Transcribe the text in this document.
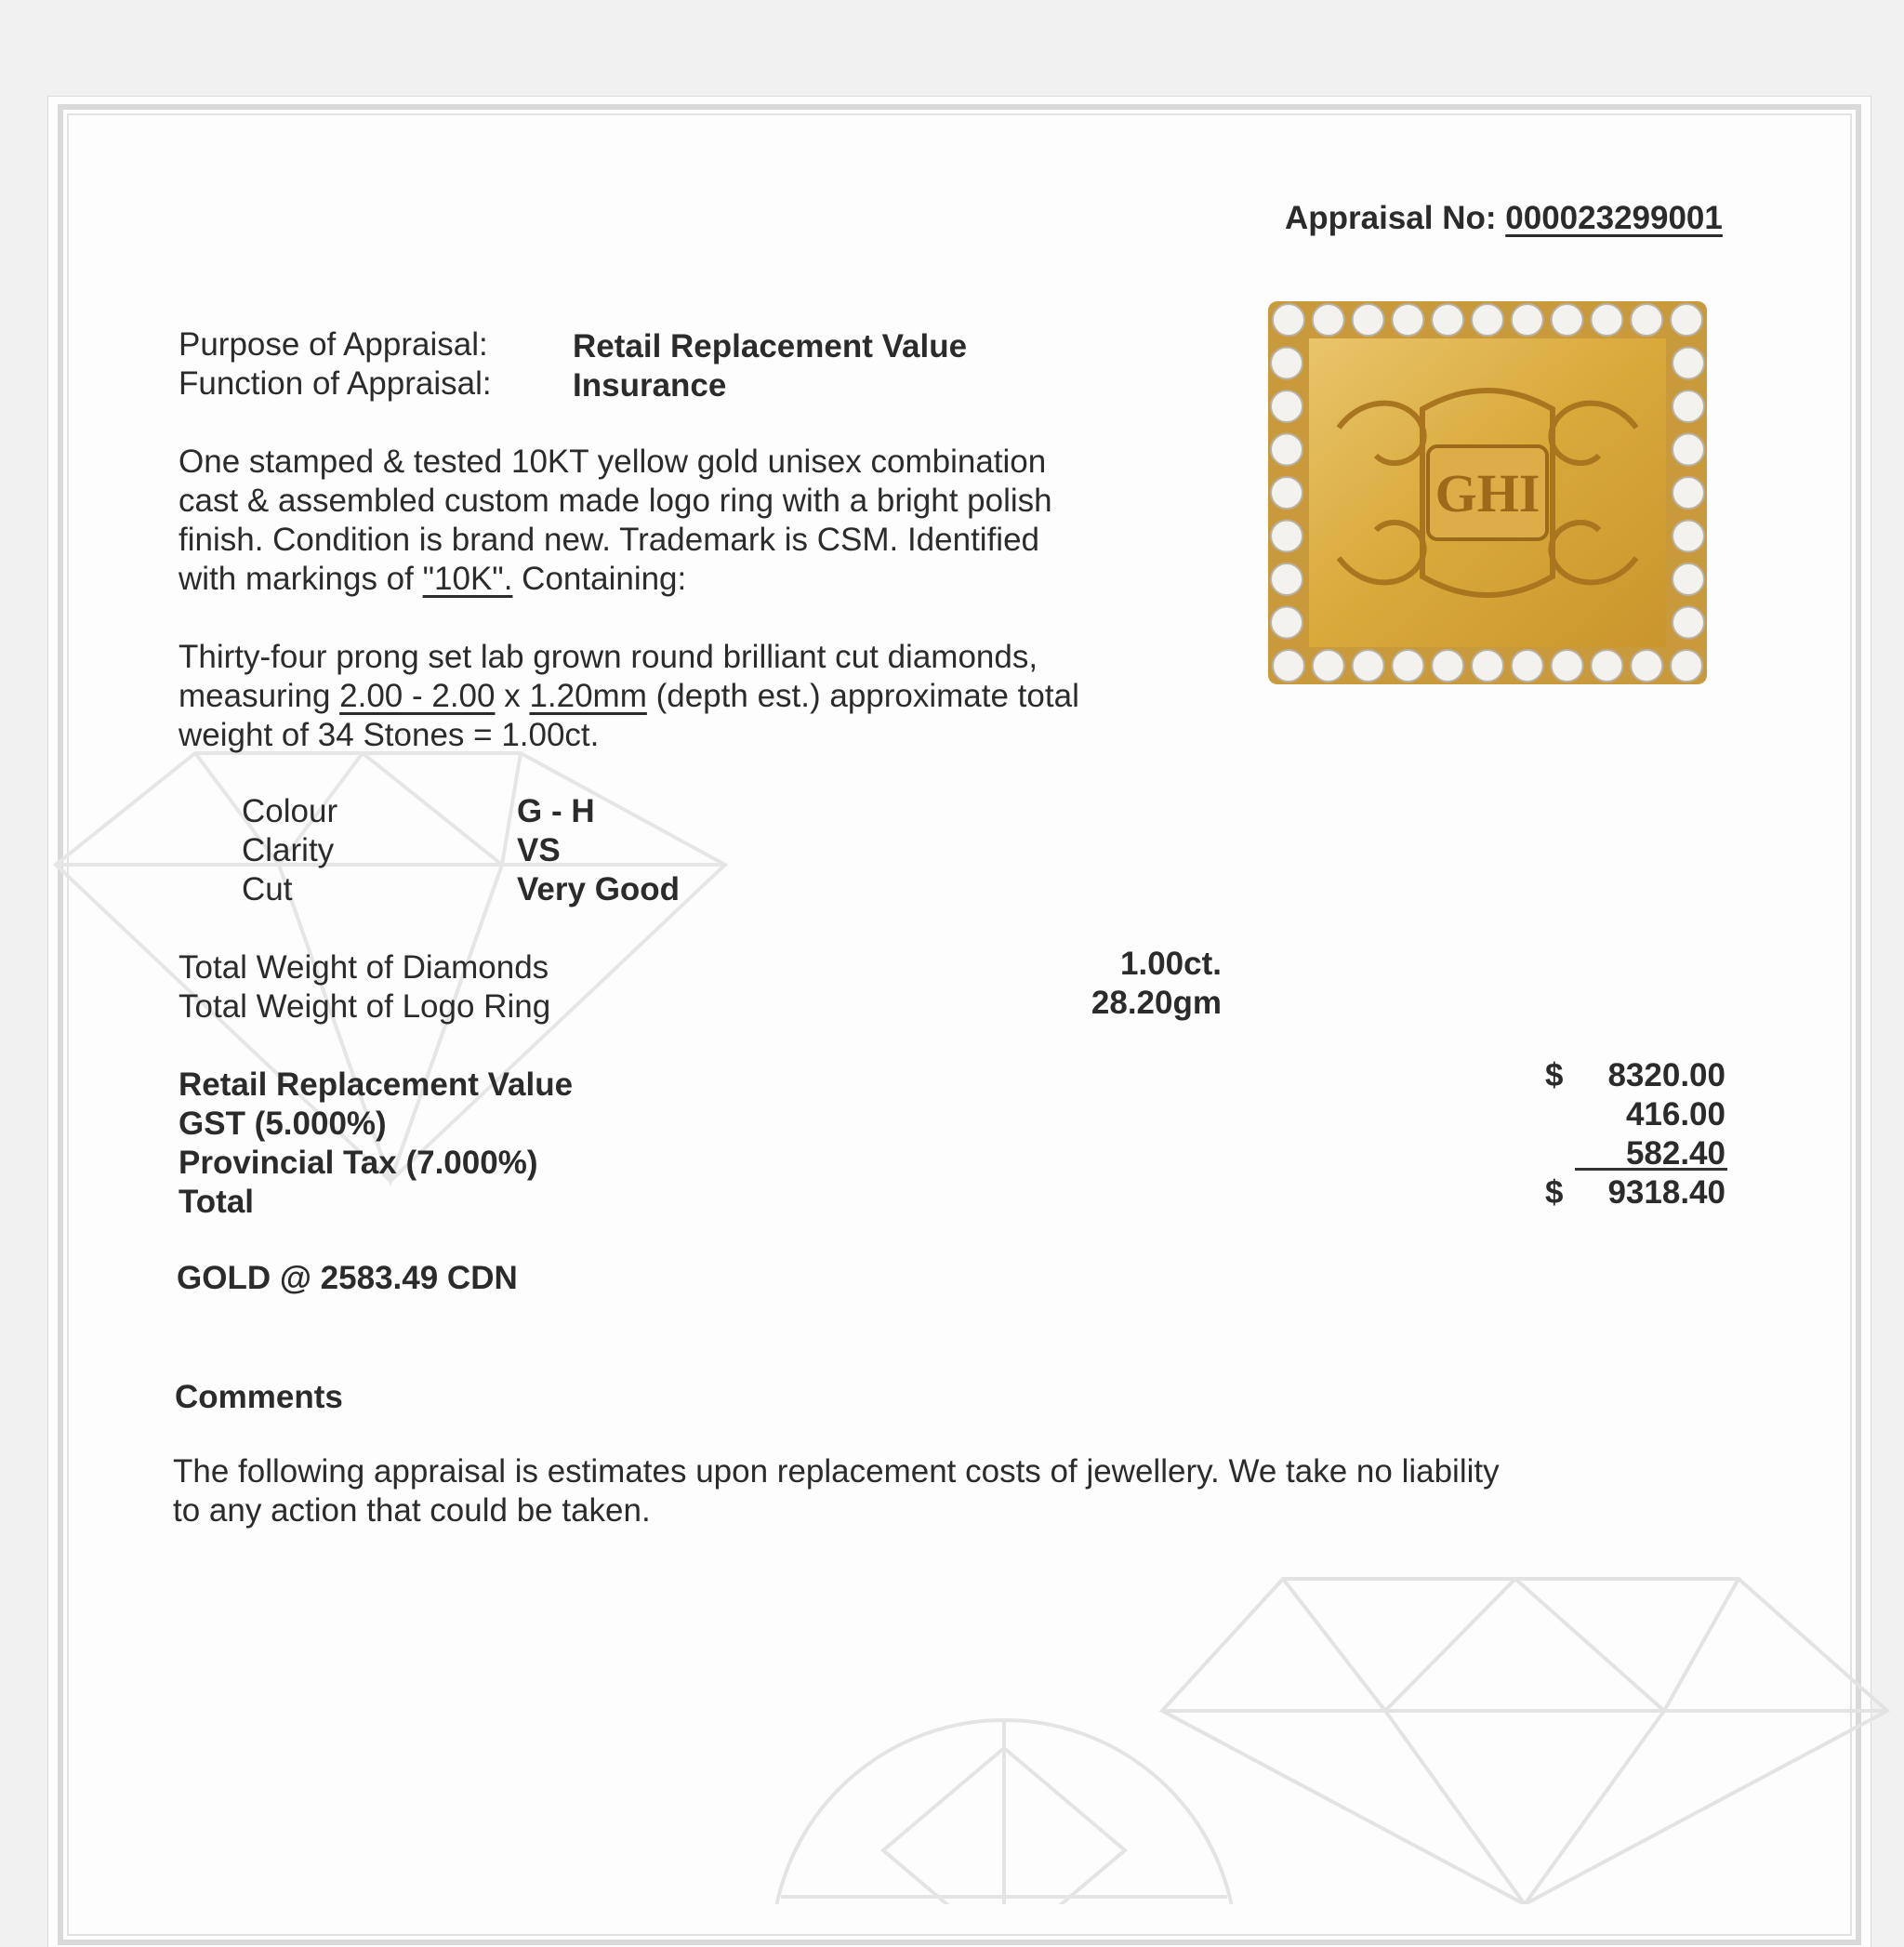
Appraisal No: 000023299001
Purpose of Appraisal:	Retail Replacement Value
Function of Appraisal: Insurance
One stamped & tested 10KT yellow gold unisex combination
cast & assembled custom made logo ring with a bright polish
finish. Condition is brand new. Trademark is CSM. Identified
with markings of "10K". Containing:
Thirty-four prong set lab grown round brilliant cut diamonds,
measuring 2.00 - 2.00 x 1.20mm (depth est.) approximate total
weight of 34 Stones = 1.00ct.
Colour	G - H
Clarity	VS
Cut	Very Good
Total Weight of Diamonds	1.00ct.
Total Weight of Logo Ring	28.20gm
Retail Replacement Value	$	8320.00
GST (5.000%)	416.00
Provincial Tax (7.000%)	582.40
Total	$	9318.40
GOLD @ 2583.49 CDN
Comments
The following appraisal is estimates upon replacement costs of jewellery. We take no liability
to any action that could be taken.
GHI
